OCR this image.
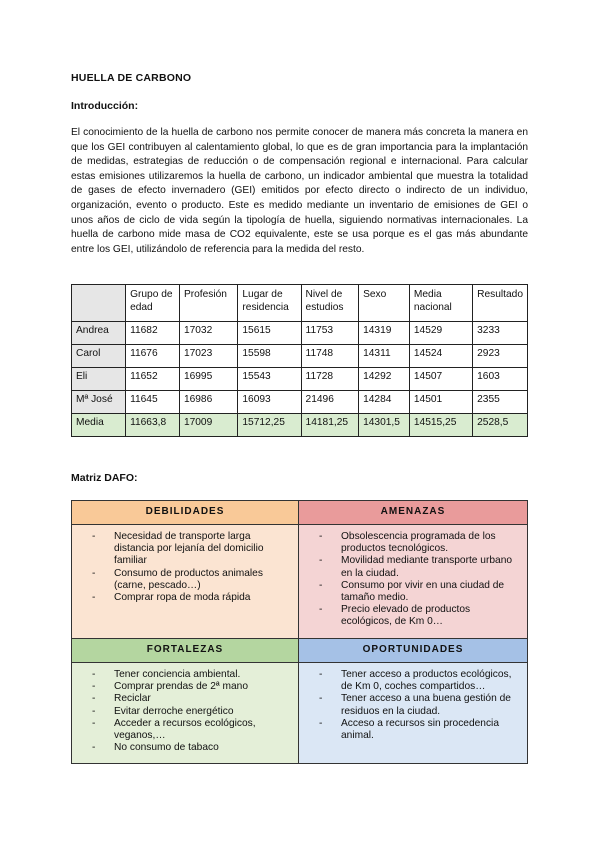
HUELLA DE CARBONO
Introducción:
El conocimiento de la huella de carbono nos permite conocer de manera más concreta la manera en que los GEI contribuyen al calentamiento global, lo que es de gran importancia para la implantación de medidas, estrategias de reducción o de compensación regional e internacional. Para calcular estas emisiones utilizaremos la huella de carbono, un indicador ambiental que muestra la totalidad de gases de efecto invernadero (GEI) emitidos por efecto directo o indirecto de un individuo, organización, evento o producto. Este es medido mediante un inventario de emisiones de GEI o unos años de ciclo de vida según la tipología de huella, siguiendo normativas internacionales. La huella de carbono mide masa de CO2 equivalente, este se usa porque es el gas más abundante entre los GEI, utilizándolo de referencia para la medida del resto.
	Grupo de edad	Profesión	Lugar de residencia	Nivel de estudios	Sexo	Media nacional	Resultado
Andrea	11682	17032	15615	11753	14319	14529	3233
Carol	11676	17023	15598	11748	14311	14524	2923
Eli	11652	16995	15543	11728	14292	14507	1603
Mª José	11645	16986	16093	21496	14284	14501	2355
Media	11663,8	17009	15712,25	14181,25	14301,5	14515,25	2528,5
Matriz DAFO:
DEBILIDADES
- Necesidad de transporte larga distancia por lejanía del domicilio familiar
- Consumo de productos animales (carne, pescado…)
- Comprar ropa de moda rápida
AMENAZAS
- Obsolescencia programada de los productos tecnológicos.
- Movilidad mediante transporte urbano en la ciudad.
- Consumo por vivir en una ciudad de tamaño medio.
- Precio elevado de productos ecológicos, de Km 0…
FORTALEZAS
- Tener conciencia ambiental.
- Comprar prendas de 2ª mano
- Reciclar
- Evitar derroche energético
- Acceder a recursos ecológicos, veganos,…
- No consumo de tabaco
OPORTUNIDADES
- Tener acceso a productos ecológicos, de Km 0, coches compartidos…
- Tener acceso a una buena gestión de residuos en la ciudad.
- Acceso a recursos sin procedencia animal.
